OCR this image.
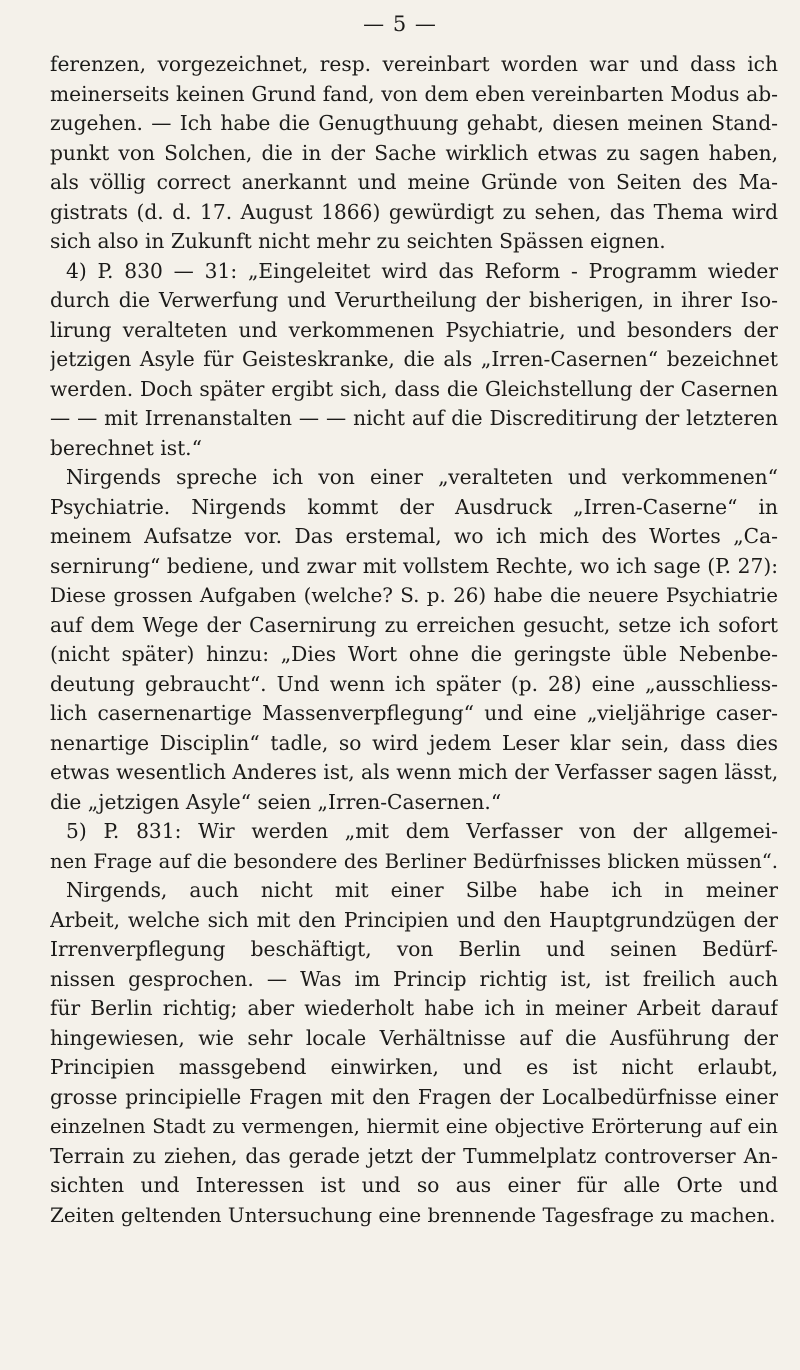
— 5 —
ferenzen, vorgezeichnet, resp. vereinbart worden war und dass ich
meinerseits keinen Grund fand, von dem eben vereinbarten Modus ab-
zugehen. — Ich habe die Genugthuung gehabt, diesen meinen Stand-
punkt von Solchen, die in der Sache wirklich etwas zu sagen haben,
als völlig correct anerkannt und meine Gründe von Seiten des Ma-
gistrats (d. d. 17. August 1866) gewürdigt zu sehen, das Thema wird
sich also in Zukunft nicht mehr zu seichten Spässen eignen.
4) P. 830 — 31: „Eingeleitet wird das Reform - Programm wieder
durch die Verwerfung und Verurtheilung der bisherigen, in ihrer Iso-
lirung veralteten und verkommenen Psychiatrie, und besonders der
jetzigen Asyle für Geisteskranke, die als „Irren-Casernen“ bezeichnet
werden. Doch später ergibt sich, dass die Gleichstellung der Casernen
— — mit Irrenanstalten — — nicht auf die Discreditirung der letzteren
berechnet ist.“
Nirgends spreche ich von einer „veralteten und verkommenen“
Psychiatrie. Nirgends kommt der Ausdruck „Irren-Caserne“ in
meinem Aufsatze vor. Das erstemal, wo ich mich des Wortes „Ca-
sernirung“ bediene, und zwar mit vollstem Rechte, wo ich sage (P. 27):
Diese grossen Aufgaben (welche? S. p. 26) habe die neuere Psychiatrie
auf dem Wege der Casernirung zu erreichen gesucht, setze ich sofort
(nicht später) hinzu: „Dies Wort ohne die geringste üble Nebenbe-
deutung gebraucht“. Und wenn ich später (p. 28) eine „ausschliess-
lich casernenartige Massenverpflegung“ und eine „vieljährige caser-
nenartige Disciplin“ tadle, so wird jedem Leser klar sein, dass dies
etwas wesentlich Anderes ist, als wenn mich der Verfasser sagen lässt,
die „jetzigen Asyle“ seien „Irren-Casernen.“
5) P. 831: Wir werden „mit dem Verfasser von der allgemei-
nen Frage auf die besondere des Berliner Bedürfnisses blicken müssen“.
Nirgends, auch nicht mit einer Silbe habe ich in meiner
Arbeit, welche sich mit den Principien und den Hauptgrundzügen der
Irrenverpflegung beschäftigt, von Berlin und seinen Bedürf-
nissen gesprochen. — Was im Princip richtig ist, ist freilich auch
für Berlin richtig; aber wiederholt habe ich in meiner Arbeit darauf
hingewiesen, wie sehr locale Verhältnisse auf die Ausführung der
Principien massgebend einwirken, und es ist nicht erlaubt,
grosse principielle Fragen mit den Fragen der Localbedürfnisse einer
einzelnen Stadt zu vermengen, hiermit eine objective Erörterung auf ein
Terrain zu ziehen, das gerade jetzt der Tummelplatz controverser An-
sichten und Interessen ist und so aus einer für alle Orte und
Zeiten geltenden Untersuchung eine brennende Tagesfrage zu machen.
